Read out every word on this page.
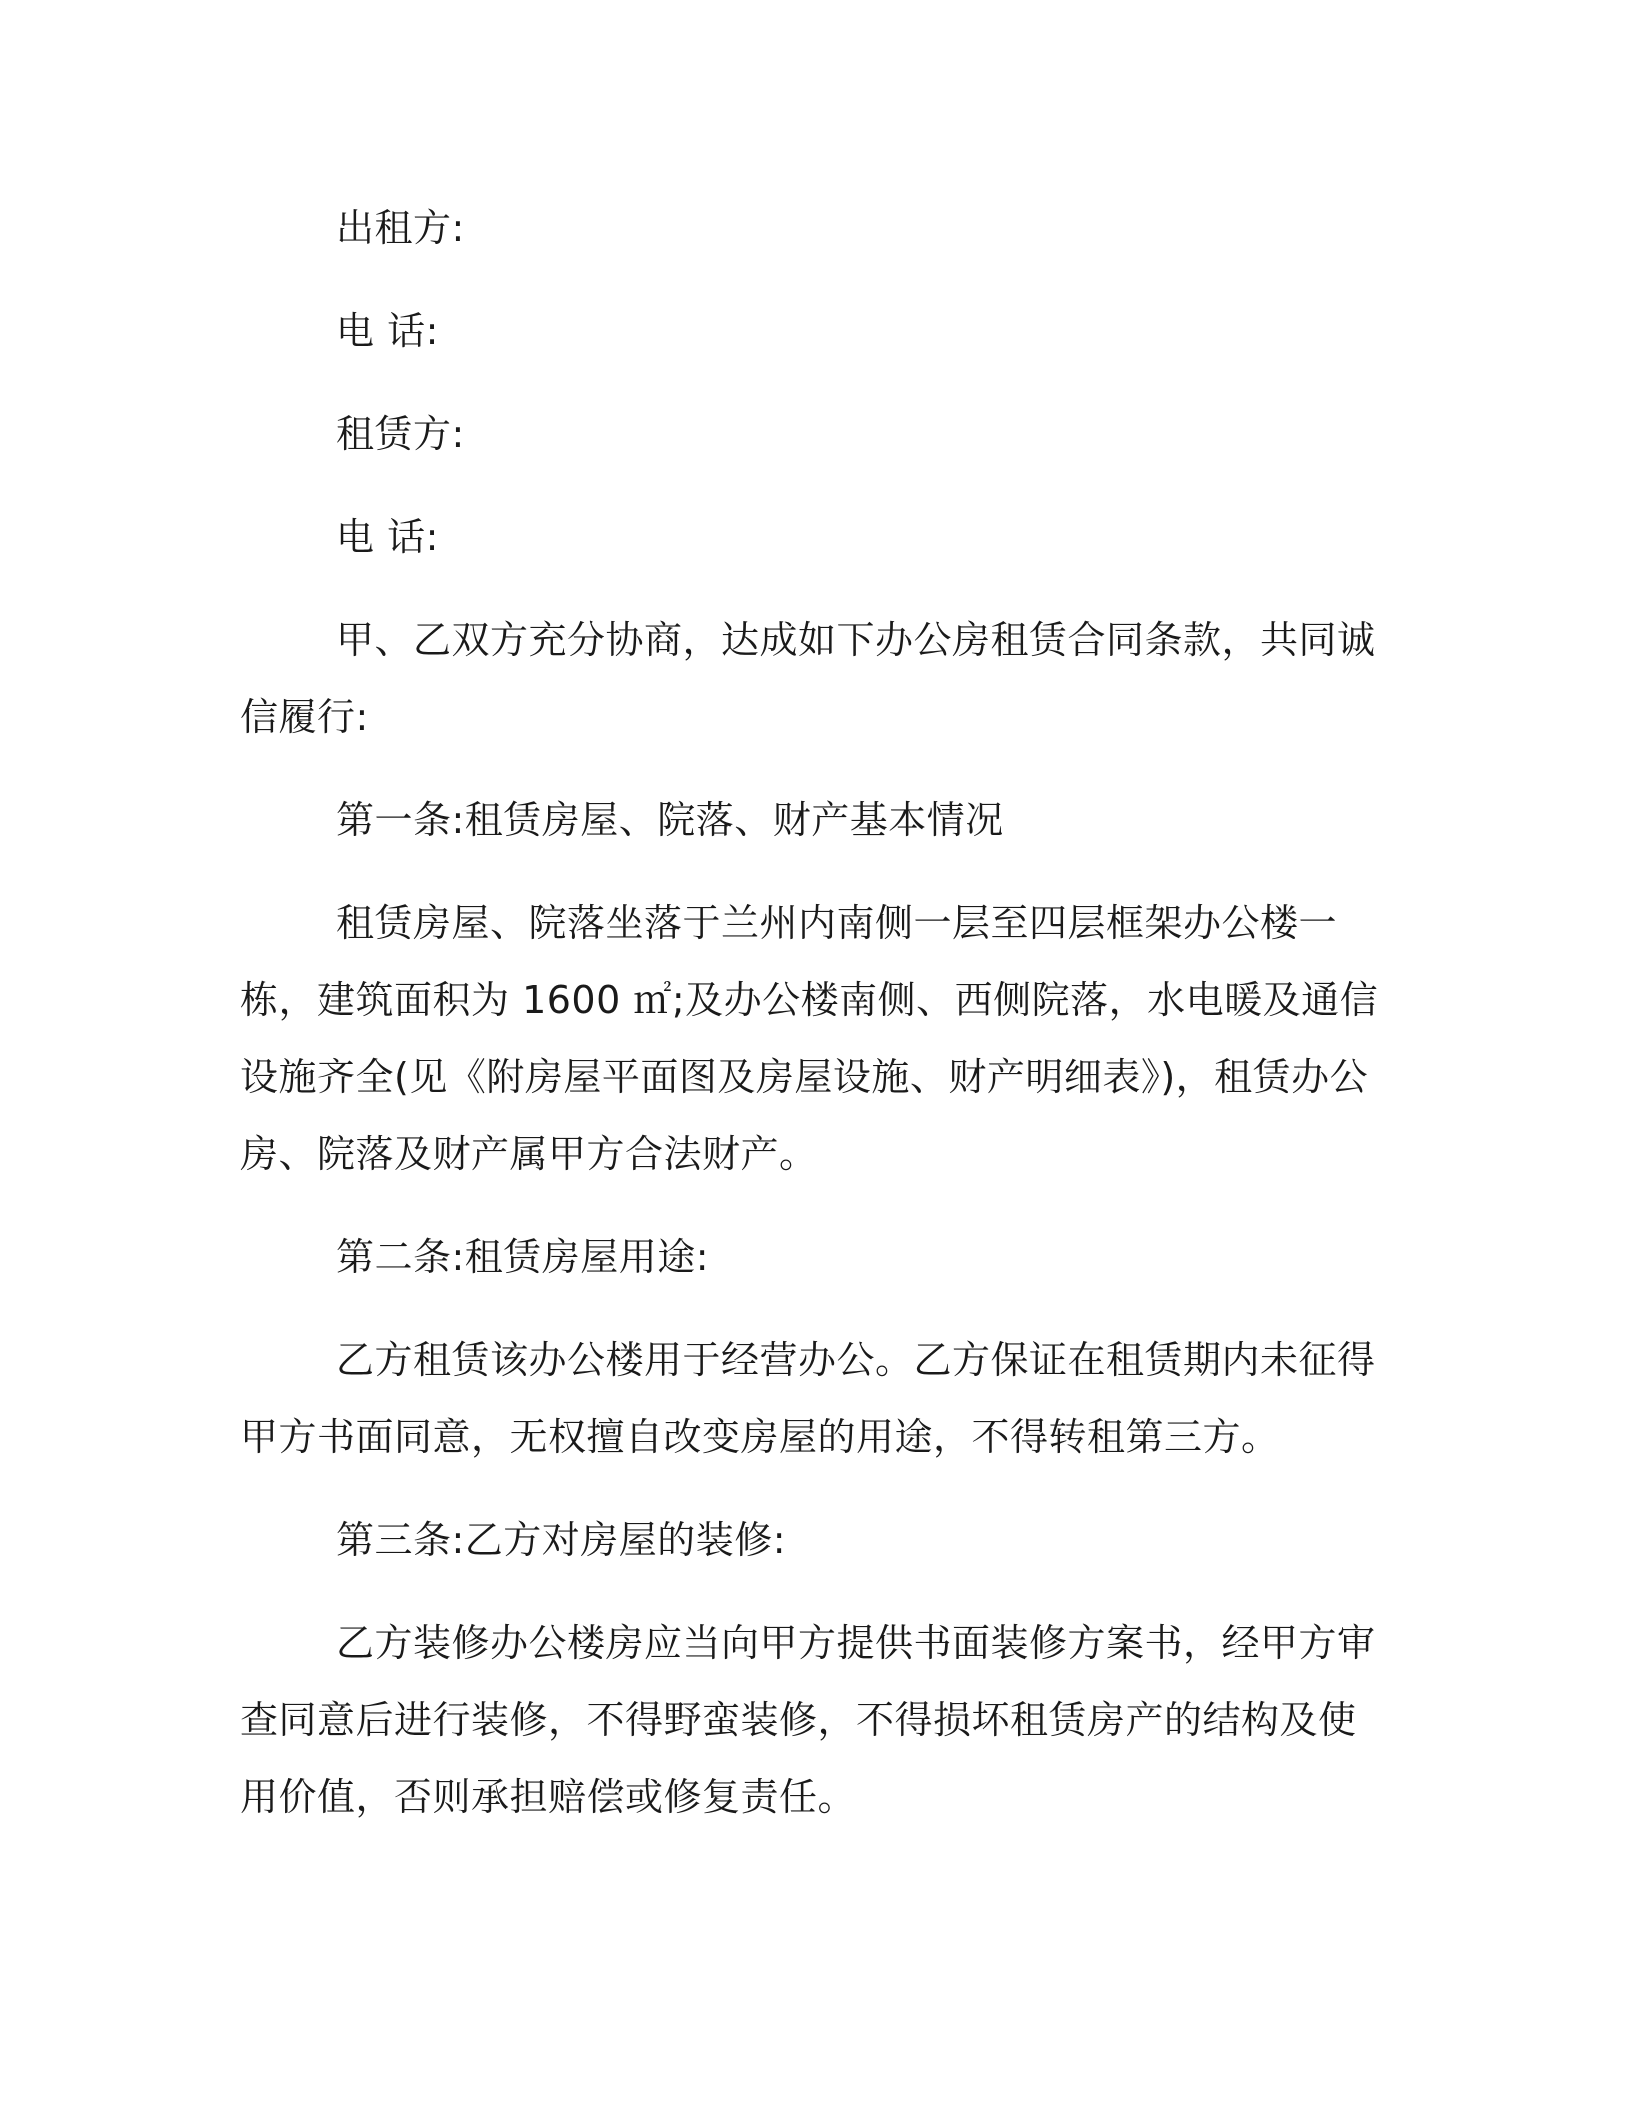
出租方:

电 话:

租赁方:

电 话:

甲、乙双方充分协商，达成如下办公房租赁合同条款，共同诚信履行:

第一条:租赁房屋、院落、财产基本情况

租赁房屋、院落坐落于兰州内南侧一层至四层框架办公楼一栋，建筑面积为 1600 ㎡;及办公楼南侧、西侧院落，水电暖及通信设施齐全(见《附房屋平面图及房屋设施、财产明细表》)，租赁办公房、院落及财产属甲方合法财产。

第二条:租赁房屋用途:

乙方租赁该办公楼用于经营办公。乙方保证在租赁期内未征得甲方书面同意，无权擅自改变房屋的用途，不得转租第三方。

第三条:乙方对房屋的装修:

乙方装修办公楼房应当向甲方提供书面装修方案书，经甲方审查同意后进行装修，不得野蛮装修，不得损坏租赁房产的结构及使用价值，否则承担赔偿或修复责任。
